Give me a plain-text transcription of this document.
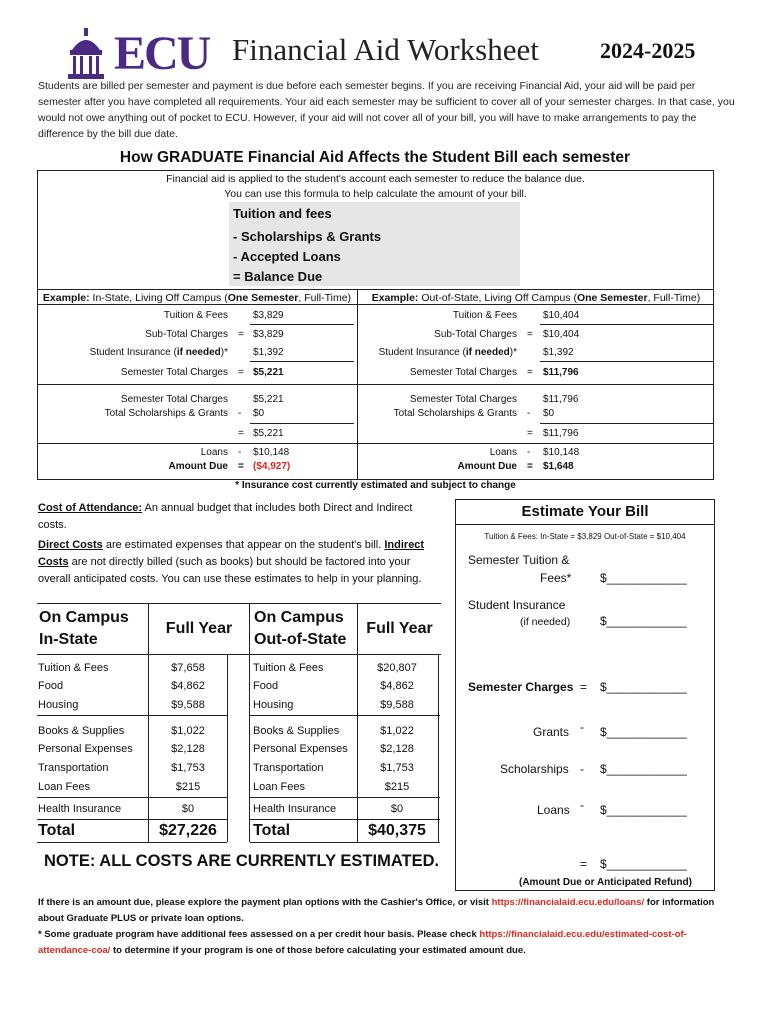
ECU Financial Aid Worksheet	2024-2025
Students are billed per semester and payment is due before each semester begins. If you are receiving Financial Aid, your aid will be paid per semester after you have completed all requirements. Your aid each semester may be sufficient to cover all of your semester charges. In that case, you would not owe anything out of pocket to ECU. However, if your aid will not cover all of your bill, you will have to make arrangements to pay the difference by the bill due date.
How GRADUATE Financial Aid Affects the Student Bill each semester
Financial aid is applied to the student's account each semester to reduce the balance due.
You can use this formula to help calculate the amount of your bill.
Tuition and fees
- Scholarships & Grants
- Accepted Loans
= Balance Due
Example: In-State, Living Off Campus (One Semester, Full-Time)	Example: Out-of-State, Living Off Campus (One Semester, Full-Time)
Tuition & Fees	$3,829
Sub-Total Charges = $3,829
Student Insurance (if needed)*	$1,392
Semester Total Charges = $5,221
Semester Total Charges	$5,221
Total Scholarships & Grants - $0
= $5,221
Loans - $10,148
Amount Due = ($4,927)
Tuition & Fees	$10,404
Sub-Total Charges = $10,404
Student Insurance (if needed)*	$1,392
Semester Total Charges = $11,796
Semester Total Charges	$11,796
Total Scholarships & Grants - $0
= $11,796
Loans - $10,148
Amount Due = $1,648
* Insurance cost currently estimated and subject to change
Cost of Attendance: An annual budget that includes both Direct and Indirect costs.
Direct Costs are estimated expenses that appear on the student's bill. Indirect Costs are not directly billed (such as books) but should be factored into your overall anticipated costs. You can use these estimates to help in your planning.
On Campus
In-State
Full Year
On Campus
Out-of-State
Full Year
Tuition & Fees	$7,658
Food	$4,862
Housing	$9,588
Books & Supplies	$1,022
Personal Expenses	$2,128
Transportation	$1,753
Loan Fees	$215
Health Insurance	$0
Total	$27,226
Tuition & Fees	$20,807
Food	$4,862
Housing	$9,588
Books & Supplies	$1,022
Personal Expenses	$2,128
Transportation	$1,753
Loan Fees	$215
Health Insurance	$0
Total	$40,375
NOTE: ALL COSTS ARE CURRENTLY ESTIMATED.
Estimate Your Bill
Tuition & Fees: In-State = $3,829 Out-of-State = $10,404
Semester Tuition &
Fees* $____________
Student Insurance
(if needed) $____________
Semester Charges = $____________
Grants - $____________
Scholarships - $____________
Loans - $____________
= $____________
(Amount Due or Anticipated Refund)
If there is an amount due, please explore the payment plan options with the Cashier's Office, or visit https://financialaid.ecu.edu/loans/ for information about Graduate PLUS or private loan options.
* Some graduate program have additional fees assessed on a per credit hour basis. Please check https://financialaid.ecu.edu/estimated-cost-of-attendance-coa/ to determine if your program is one of those before calculating your estimated amount due.
